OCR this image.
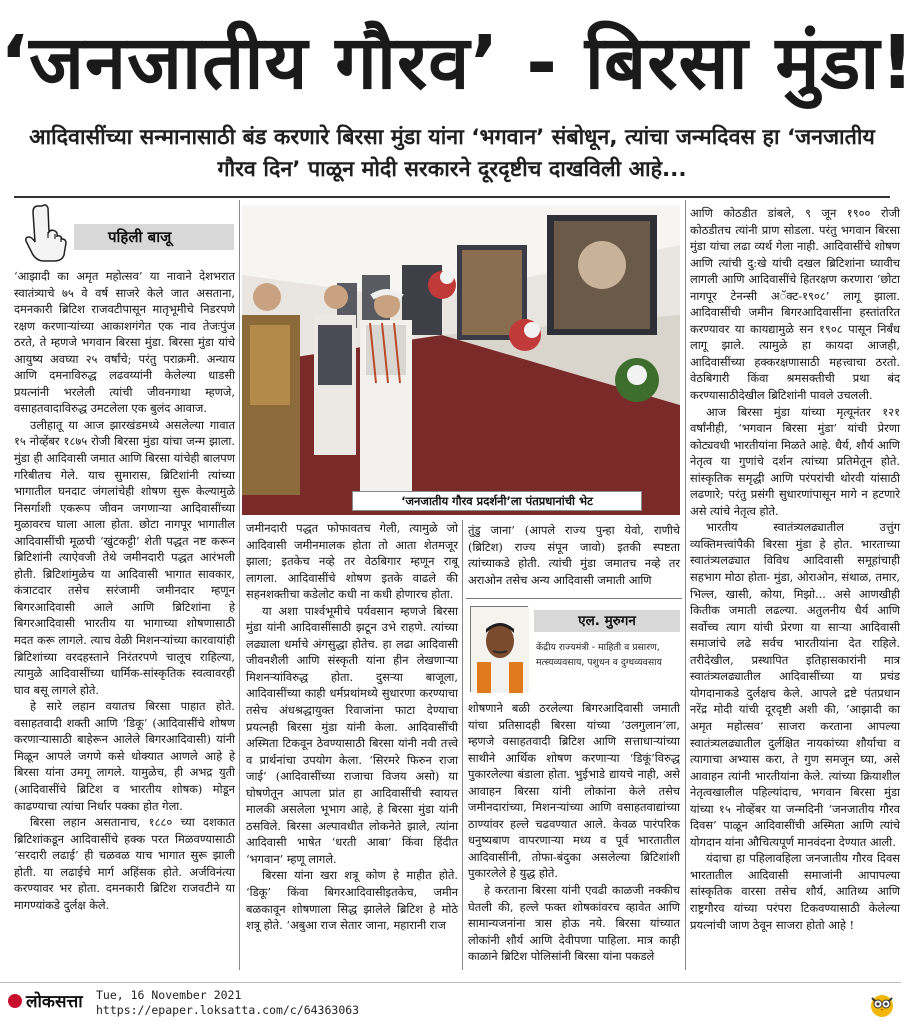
‘जनजातीय गौरव’ - बिरसा मुंडा!
आदिवासींच्या सन्मानासाठी बंड करणारे बिरसा मुंडा यांना ‘भगवान’ संबोधून, त्यांचा जन्मदिवस हा ‘जनजातीय गौरव दिन’ पाळून मोदी सरकारने दूरदृष्टीच दाखविली आहे...
पहिली बाजू

‘आझादी का अमृत महोत्सव’ या नावाने देशभरात स्वातंत्र्याचे ७५ वे वर्ष साजरे केले जात असताना, दमनकारी ब्रिटिश राजवटीपासून मातृभूमीचे निडरपणे रक्षण करणाऱ्यांच्या आकाशगंगेत एक नाव तेजःपुंज ठरते, ते म्हणजे भगवान बिरसा मुंडा. बिरसा मुंडा यांचे आयुष्य अवघ्या २५ वर्षांचे; परंतु पराक्रमी. अन्याय आणि दमनाविरुद्ध लढवय्यांनी केलेल्या धाडसी प्रयत्नांनी भरलेली त्यांची जीवनगाथा म्हणजे, वसाहतवादाविरुद्ध उमटलेला एक बुलंद आवाज.

उलीहातू या आज झारखंडमध्ये असलेल्या गावात १५ नोव्हेंबर १८७५ रोजी बिरसा मुंडा यांचा जन्म झाला. मुंडा ही आदिवासी जमात आणि बिरसा यांचेही बालपण गरिबीतच गेले. याच सुमारास, ब्रिटिशांनी त्यांच्या भागातील घनदाट जंगलांचेही शोषण सुरू केल्यामुळे निसर्गाशी एकरूप जीवन जगणाऱ्या आदिवासींच्या मुळावरच घाला आला होता. छोटा नागपूर भागातील आदिवासींची मूळची ‘खुंटकट्टी’ शेती पद्धत नष्ट करून ब्रिटिशांनी त्याऐवजी तेथे जमीनदारी पद्धत आरंभली होती. ब्रिटिशांमुळेच या आदिवासी भागात सावकार, कंत्राटदार तसेच सरंजामी जमीनदार म्हणून बिगरआदिवासी आले आणि ब्रिटिशांना हे बिगरआदिवासी भारतीय या भागाच्या शोषणासाठी मदत करू लागले. त्याच वेळी मिशनऱ्यांच्या कारवायांही ब्रिटिशांच्या वरदहस्ताने निरंतरपणे चालूच राहिल्या, त्यामुळे आदिवासींच्या धार्मिक-सांस्कृतिक स्वत्वावरही घाव बसू लागले होते.

हे सारे लहान वयातच बिरसा पाहात होते. वसाहतवादी शक्ती आणि ‘डिकू’ (आदिवासींचे शोषण करणाऱ्यासाठी बाहेरून आलेले बिगरआदिवासी) यांनी मिळून आपले जगणे कसे धोक्यात आणले आहे हे बिरसा यांना उमगू लागले. यामुळेच, ही अभद्र युती (आदिवासींचे ब्रिटिश व भारतीय शोषक) मोडून काढण्याचा त्यांचा निर्धार पक्का होत गेला.

बिरसा लहान असतानाच, १८८० च्या दशकात ब्रिटिशांकडून आदिवासींचे हक्क परत मिळवण्यासाठी ‘सरदारी लढाई’ ही चळवळ याच भागात सुरू झाली होती. या लढाईचे मार्ग अहिंसक होते. अर्जविनंत्या करण्यावर भर होता. दमनकारी ब्रिटिश राजवटीने या मागण्यांकडे दुर्लक्ष केले.

‘जनजातीय गौरव प्रदर्शनी’ला पंतप्रधानांची भेट

जमीनदारी पद्धत फोफावतच गेली, त्यामुळे जो आदिवासी जमीनमालक होता तो आता शेतमजूर झाला; इतकेच नव्हे तर वेठबिगार म्हणून राबू लागला. आदिवासींचे शोषण इतके वाढले की सहनशक्तीचा कडेलोट कधी ना कधी होणारच होता.

या अशा पार्श्वभूमीचे पर्यवसान म्हणजे बिरसा मुंडा यांनी आदिवासींसाठी झटून उभे राहणे. त्यांच्या लढ्याला धर्माचे अंगसुद्धा होतेच. हा लढा आदिवासी जीवनशैली आणि संस्कृती यांना हीन लेखणाऱ्या मिशनऱ्यांविरुद्ध होता. दुसऱ्या बाजूला, आदिवासींच्या काही धर्मप्रथांमध्ये सुधारणा करण्याचा तसेच अंधश्रद्धायुक्त रिवाजांना फाटा देण्याचा प्रयत्नही बिरसा मुंडा यांनी केला. आदिवासींची अस्मिता टिकवून ठेवण्यासाठी बिरसा यांनी नवी तत्त्वे व प्रार्थनांचा उपयोग केला. ‘सिरमरे फिरुन राजा जाई’ (आदिवासींच्या राजाचा विजय असो) या घोषणेतून आपला प्रांत हा आदिवासींची स्वायत्त मालकी असलेला भूभाग आहे, हे बिरसा मुंडा यांनी ठसविले. बिरसा अल्पावधीत लोकनेते झाले, त्यांना आदिवासी भाषेत ‘धरती आबा’ किंवा हिंदीत ‘भगवान’ म्हणू लागले.

बिरसा यांना खरा शत्रू कोण हे माहीत होते. ‘डिकू’ किंवा बिगरआदिवासीइतकेच, जमीन बळकावून शोषणाला सिद्ध झालेले ब्रिटिश हे मोठे शत्रू होते. ‘अबुआ राज सेतार जाना, महारानी राज

तुंडु जाना’ (आपले राज्य पुन्हा येवो, राणीचे (ब्रिटिश) राज्य संपून जावो) इतकी स्पष्टता त्यांच्याकडे होती. त्यांची मुंडा जमातच नव्हे तर अराओन तसेच अन्य आदिवासी जमाती आणि

एल. मुरुगन
केंद्रीय राज्यमंत्री - माहिती व प्रसारण, मत्स्यव्यवसाय, पशुधन व दुग्धव्यवसाय

शोषणाने बळी ठरलेल्या बिगरआदिवासी जमाती यांचा प्रतिसादही बिरसा यांच्या ‘उलगुलान’ला, म्हणजे वसाहतवादी ब्रिटिश आणि सत्ताधाऱ्यांच्या साथीने आर्थिक शोषण करणाऱ्या ‘डिकूं’विरुद्ध पुकारलेल्या बंडाला होता. भुईभाडे द्यायचे नाही, असे आवाहन बिरसा यांनी लोकांना केले तसेच जमीनदारांच्या, मिशनऱ्यांच्या आणि वसाहतवाद्यांच्या ठाण्यांवर हल्ले चढवण्यात आले. केवळ पारंपरिक धनुष्यबाण वापरणाऱ्या मध्य व पूर्व भारतातील आदिवासींनी, तोफा-बंदुका असलेल्या ब्रिटिशांशी पुकारलेले हे युद्ध होते.

हे करताना बिरसा यांनी एवढी काळजी नक्कीच घेतली की, हल्ले फक्त शोषकांवरच व्हावेत आणि सामान्यजनांना त्रास होऊ नये. बिरसा यांच्यात लोकांनी शौर्य आणि देवीपणा पाहिला. मात्र काही काळाने ब्रिटिश पोलिसांनी बिरसा यांना पकडले

आणि कोठडीत डांबले, ९ जून १९०० रोजी कोठडीतच त्यांनी प्राण सोडला. परंतु भगवान बिरसा मुंडा यांचा लढा व्यर्थ गेला नाही. आदिवासींचे शोषण आणि त्यांची दु:खे यांची दखल ब्रिटिशांना घ्यावीच लागली आणि आदिवासींचे हितरक्षण करणारा ‘छोटा नागपूर टेनन्सी अॅक्ट-१९०८’ लागू झाला. आदिवासींची जमीन बिगरआदिवासींना हस्तांतरित करण्यावर या कायद्यामुळे सन १९०८ पासून निर्बंध लागू झाले. त्यामुळे हा कायदा आजही, आदिवासींच्या हक्करक्षणासाठी महत्त्वाचा ठरतो. वेठबिगारी किंवा श्रमसक्तीची प्रथा बंद करण्यासाठीदेखील ब्रिटिशांनी पावले उचलली.

आज बिरसा मुंडा यांच्या मृत्यूनंतर १२१ वर्षांनीही, ‘भगवान बिरसा मुंडा’ यांची प्रेरणा कोट्यवधी भारतीयांना मिळते आहे. धैर्य, शौर्य आणि नेतृत्व या गुणांचे दर्शन त्यांच्या प्रतिमेतून होते. सांस्कृतिक समृद्धी आणि परंपरांची थोरवी यांसाठी लढणारे; परंतु प्रसंगी सुधारणांपासून मागे न हटणारे असे त्यांचे नेतृत्व होते.

भारतीय स्वातंत्र्यलढ्यातील उत्तुंग व्यक्तिमत्त्वांपैकी बिरसा मुंडा हे होत. भारताच्या स्वातंत्र्यलढ्यात विविध आदिवासी समूहांचाही सहभाग मोठा होता- मुंडा, ओराओन, संथाळ, तमार, भिल्ल, खासी, कोया, मिझो... असे आणखीही कितीक जमाती लढल्या. अतुलनीय धैर्य आणि सर्वोच्च त्याग यांची प्रेरणा या साऱ्या आदिवासी समाजांचे लढे सर्वच भारतीयांना देत राहिले. तरीदेखील, प्रस्थापित इतिहासकारांनी मात्र स्वातंत्र्यलढ्यातील आदिवासींच्या या प्रचंड योगदानाकडे दुर्लक्षच केले. आपले द्रष्टे पंतप्रधान नरेंद्र मोदी यांची दूरदृष्टी अशी की, ‘आझादी का अमृत महोत्सव’ साजरा करताना आपल्या स्वातंत्र्यलढ्यातील दुर्लक्षित नायकांच्या शौर्याचा व त्यागाचा अभ्यास करा, ते गुण समजून घ्या, असे आवाहन त्यांनी भारतीयांना केले. त्यांच्या क्रियाशील नेतृत्वखालील पहिल्यांदाच, भगवान बिरसा मुंडा यांच्या १५ नोव्हेंबर या जन्मदिनी ‘जनजातीय गौरव दिवस’ पाळून आदिवासींची अस्मिता आणि त्यांचे योगदान यांना औचित्यपूर्ण मानवंदना देण्यात आली.

यंदाचा हा पहिलावहिला जनजातीय गौरव दिवस भारतातील आदिवासी समाजांनी आपापल्या सांस्कृतिक वारसा तसेच शौर्य, आतिथ्य आणि राष्ट्रगौरव यांच्या परंपरा टिकवण्यासाठी केलेल्या प्रयत्नांची जाण ठेवून साजरा होतो आहे !

लोकसत्ता	Tue, 16 November 2021
https://epaper.loksatta.com/c/64363063
